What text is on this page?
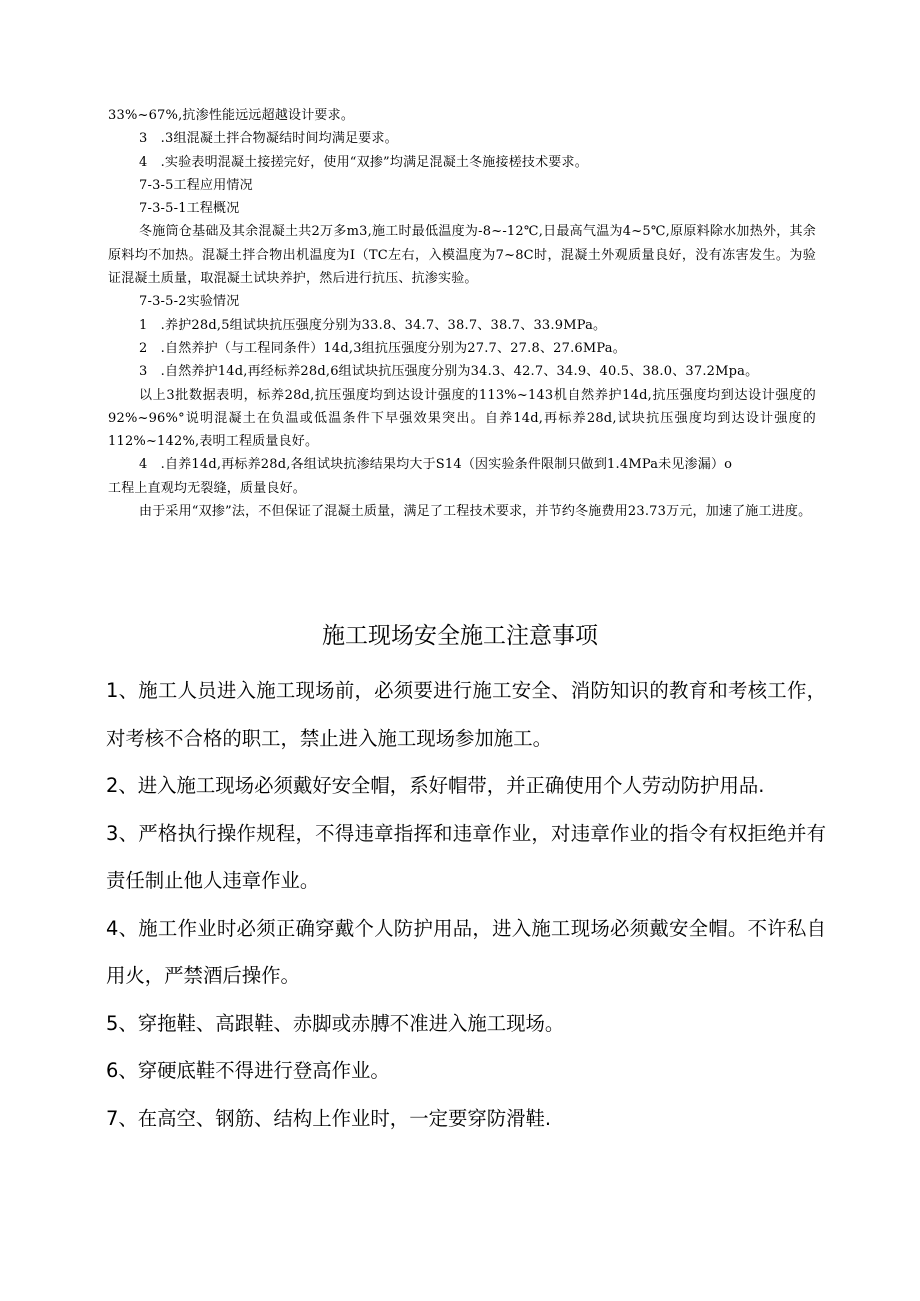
33%~67%,抗渗性能远远超越设计要求。

3　.3组混凝土拌合物凝结时间均满足要求。

4　.实验表明混凝土接搓完好，使用“双掺”均满足混凝土冬施接槎技术要求。

7-3-5工程应用情况

7-3-5-1工程概况

冬施筒仓基础及其余混凝土共2万多m3,施工时最低温度为-8~-12℃,日最高气温为4~5℃,原原料除水加热外，其余原料均不加热。混凝土拌合物出机温度为I（TC左右，入模温度为7~8C时，混凝土外观质量良好，没有冻害发生。为验证混凝土质量，取混凝土试块养护，然后进行抗压、抗渗实验。

7-3-5-2实验情况

1　.养护28d,5组试块抗压强度分别为33.8、34.7、38.7、38.7、33.9MPa。

2　.自然养护（与工程同条件）14d,3组抗压强度分别为27.7、27.8、27.6MPa。

3　.自然养护14d,再经标养28d,6组试块抗压强度分别为34.3、42.7、34.9、40.5、38.0、37.2Mpa。

以上3批数据表明，标养28d,抗压强度均到达设计强度的113%~143机自然养护14d,抗压强度均到达设计强度的92%~96%°说明混凝土在负温或低温条件下早强效果突出。自养14d,再标养28d,试块抗压强度均到达设计强度的112%~142%,表明工程质量良好。

4　.自养14d,再标养28d,各组试块抗渗结果均大于S14（因实验条件限制只做到1.4MPa未见渗漏）o

工程上直观均无裂缝，质量良好。

由于采用“双掺”法，不但保证了混凝土质量，满足了工程技术要求，并节约冬施费用23.73万元，加速了施工进度。

施工现场安全施工注意事项

1、施工人员进入施工现场前，必须要进行施工安全、消防知识的教育和考核工作，对考核不合格的职工，禁止进入施工现场参加施工。

2、进入施工现场必须戴好安全帽，系好帽带，并正确使用个人劳动防护用品.

3、严格执行操作规程，不得违章指挥和违章作业，对违章作业的指令有权拒绝并有责任制止他人违章作业。

4、施工作业时必须正确穿戴个人防护用品，进入施工现场必须戴安全帽。不许私自用火，严禁酒后操作。

5、穿拖鞋、高跟鞋、赤脚或赤膊不准进入施工现场。

6、穿硬底鞋不得进行登高作业。

7、在高空、钢筋、结构上作业时，一定要穿防滑鞋.
